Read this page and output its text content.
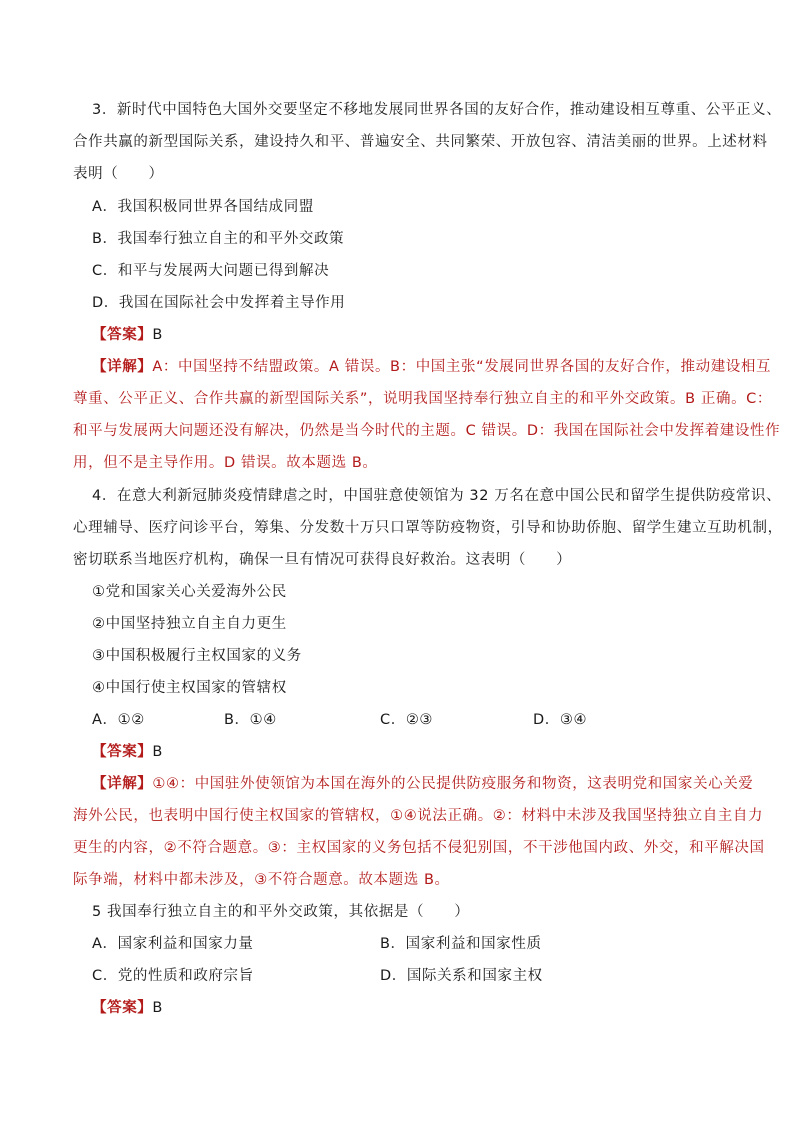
3．新时代中国特色大国外交要坚定不移地发展同世界各国的友好合作，推动建设相互尊重、公平正义、
合作共赢的新型国际关系，建设持久和平、普遍安全、共同繁荣、开放包容、清洁美丽的世界。上述材料
表明（　　）
A．我国积极同世界各国结成同盟
B．我国奉行独立自主的和平外交政策
C．和平与发展两大问题已得到解决
D．我国在国际社会中发挥着主导作用
【答案】B
【详解】A：中国坚持不结盟政策。A 错误。B：中国主张“发展同世界各国的友好合作，推动建设相互
尊重、公平正义、合作共赢的新型国际关系”，说明我国坚持奉行独立自主的和平外交政策。B 正确。C：
和平与发展两大问题还没有解决，仍然是当今时代的主题。C 错误。D：我国在国际社会中发挥着建设性作
用，但不是主导作用。D 错误。故本题选 B。
4．在意大利新冠肺炎疫情肆虐之时，中国驻意使领馆为 32 万名在意中国公民和留学生提供防疫常识、
心理辅导、医疗问诊平台，筹集、分发数十万只口罩等防疫物资，引导和协助侨胞、留学生建立互助机制，
密切联系当地医疗机构，确保一旦有情况可获得良好救治。这表明（　　）
①党和国家关心关爱海外公民
②中国坚持独立自主自力更生
③中国积极履行主权国家的义务
④中国行使主权国家的管辖权
A．①②	B．①④	C．②③	D．③④
【答案】B
【详解】①④：中国驻外使领馆为本国在海外的公民提供防疫服务和物资，这表明党和国家关心关爱
海外公民，也表明中国行使主权国家的管辖权，①④说法正确。②：材料中未涉及我国坚持独立自主自力
更生的内容，②不符合题意。③：主权国家的义务包括不侵犯别国，不干涉他国内政、外交，和平解决国
际争端，材料中都未涉及，③不符合题意。故本题选 B。
5 我国奉行独立自主的和平外交政策，其依据是（　　）
A．国家利益和国家力量	B．国家利益和国家性质
C．党的性质和政府宗旨	D．国际关系和国家主权
【答案】B
